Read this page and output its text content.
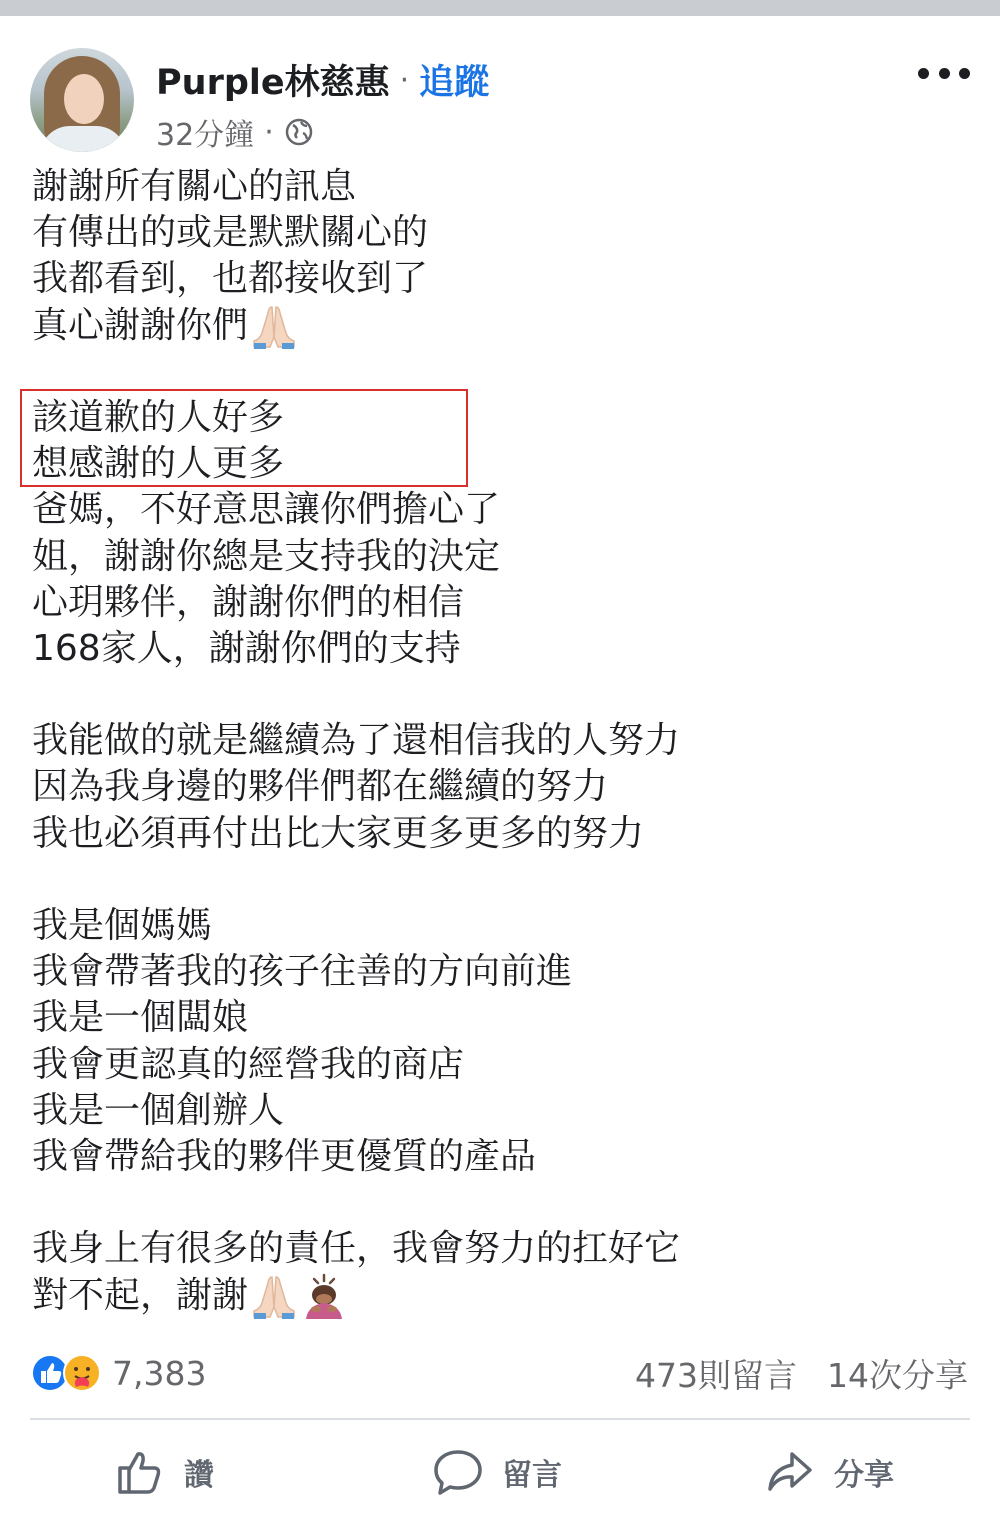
Purple林慈惠 · 追蹤
32分鐘 ·
謝謝所有關心的訊息
有傳出的或是默默關心的
我都看到，也都接收到了
真心謝謝你們
該道歉的人好多
想感謝的人更多
爸媽，不好意思讓你們擔心了
姐，謝謝你總是支持我的決定
心玥夥伴，謝謝你們的相信
168家人，謝謝你們的支持
我能做的就是繼續為了還相信我的人努力
因為我身邊的夥伴們都在繼續的努力
我也必須再付出比大家更多更多的努力
我是個媽媽
我會帶著我的孩子往善的方向前進
我是一個闆娘
我會更認真的經營我的商店
我是一個創辦人
我會帶給我的夥伴更優質的產品
我身上有很多的責任，我會努力的扛好它
對不起，謝謝
7,383	473則留言 14次分享
讚	留言	分享
